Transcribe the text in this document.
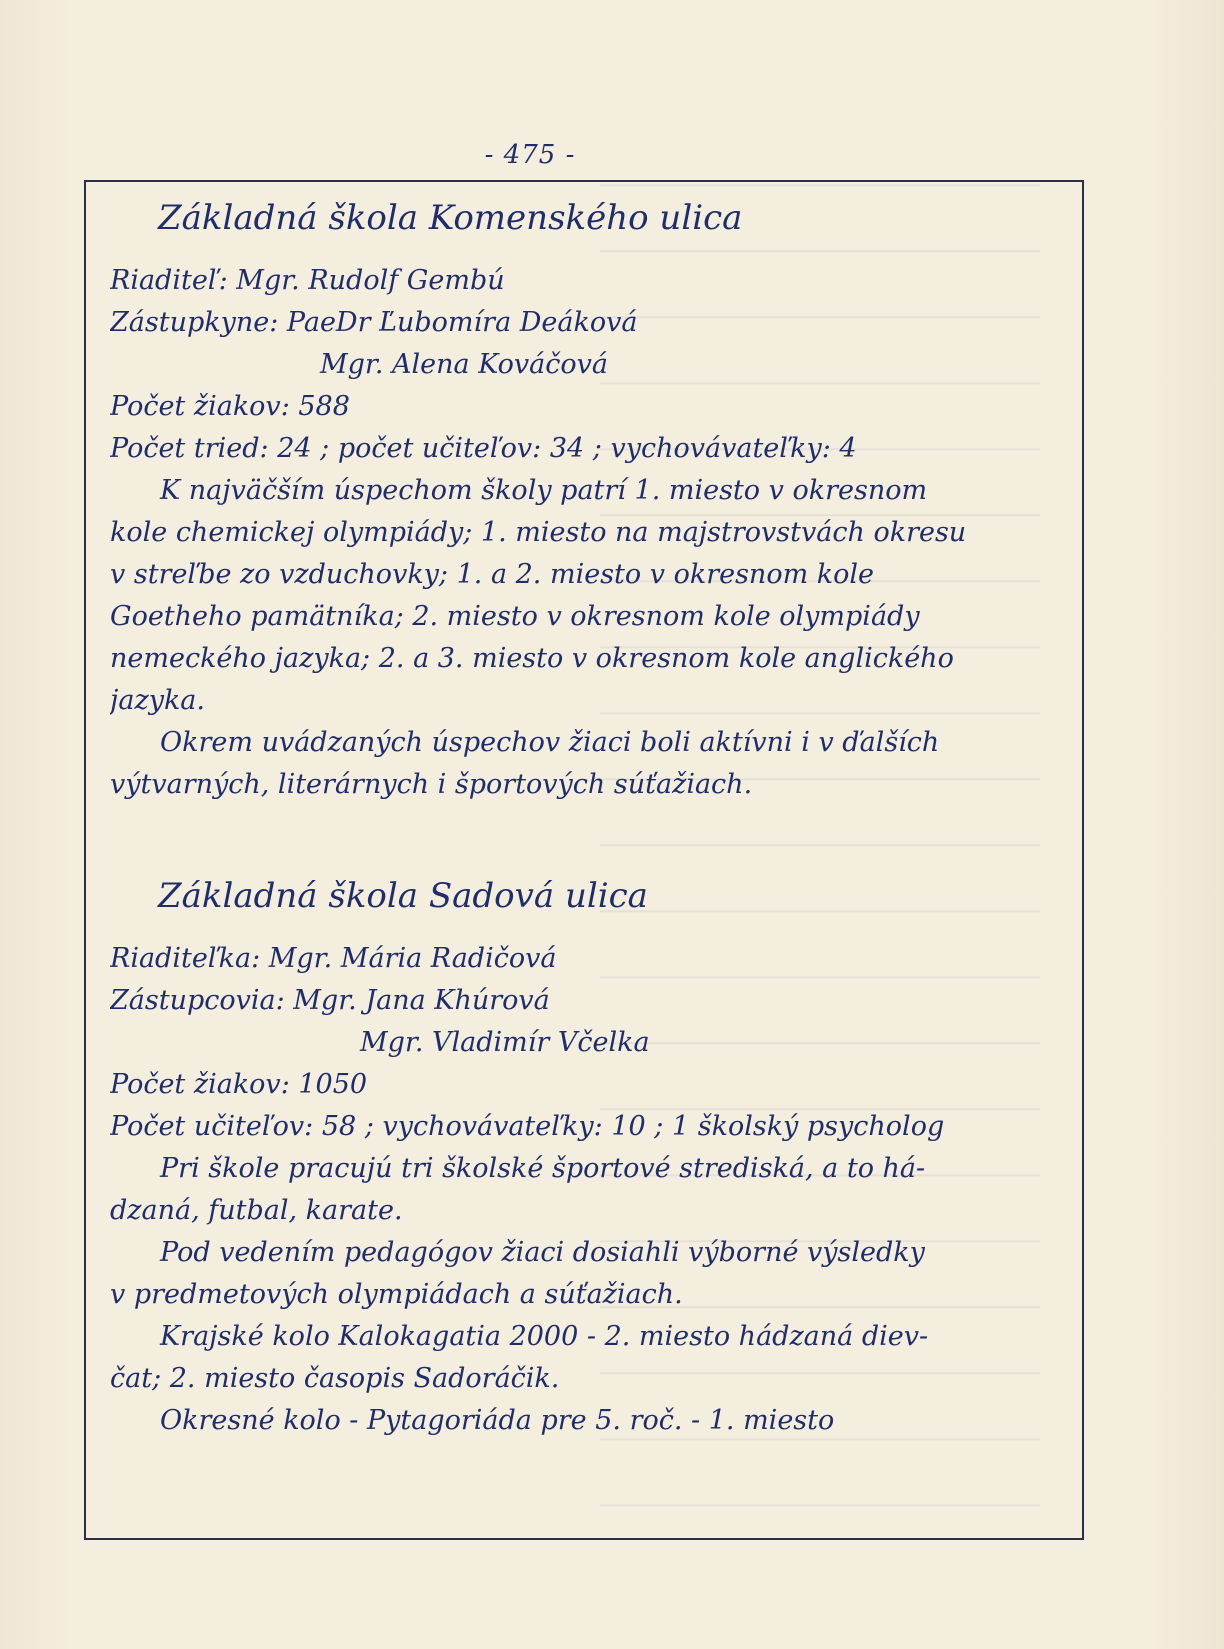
- 475 -
Základná škola Komenského ulica
Riaditeľ: Mgr. Rudolf Gembú
Zástupkyne: PaeDr Ľubomíra Deáková
Mgr. Alena Kováčová
Počet žiakov: 588
Počet tried: 24 ; počet učiteľov: 34 ; vychovávateľky: 4
K najväčším úspechom školy patrí 1. miesto v okresnom
kole chemickej olympiády; 1. miesto na majstrovstvách okresu
v streľbe zo vzduchovky; 1. a 2. miesto v okresnom kole
Goetheho pamätníka; 2. miesto v okresnom kole olympiády
nemeckého jazyka; 2. a 3. miesto v okresnom kole anglického
jazyka.
Okrem uvádzaných úspechov žiaci boli aktívni i v ďalších
výtvarných, literárnych i športových súťažiach.
Základná škola Sadová ulica
Riaditeľka: Mgr. Mária Radičová
Zástupcovia: Mgr. Jana Khúrová
Mgr. Vladimír Včelka
Počet žiakov: 1050
Počet učiteľov: 58 ; vychovávateľky: 10 ; 1 školský psycholog
Pri škole pracujú tri školské športové strediská, a to há-
dzaná, futbal, karate.
Pod vedením pedagógov žiaci dosiahli výborné výsledky
v predmetových olympiádach a súťažiach.
Krajské kolo Kalokagatia 2000 - 2. miesto hádzaná diev-
čat; 2. miesto časopis Sadoráčik.
Okresné kolo - Pytagoriáda pre 5. roč. - 1. miesto
